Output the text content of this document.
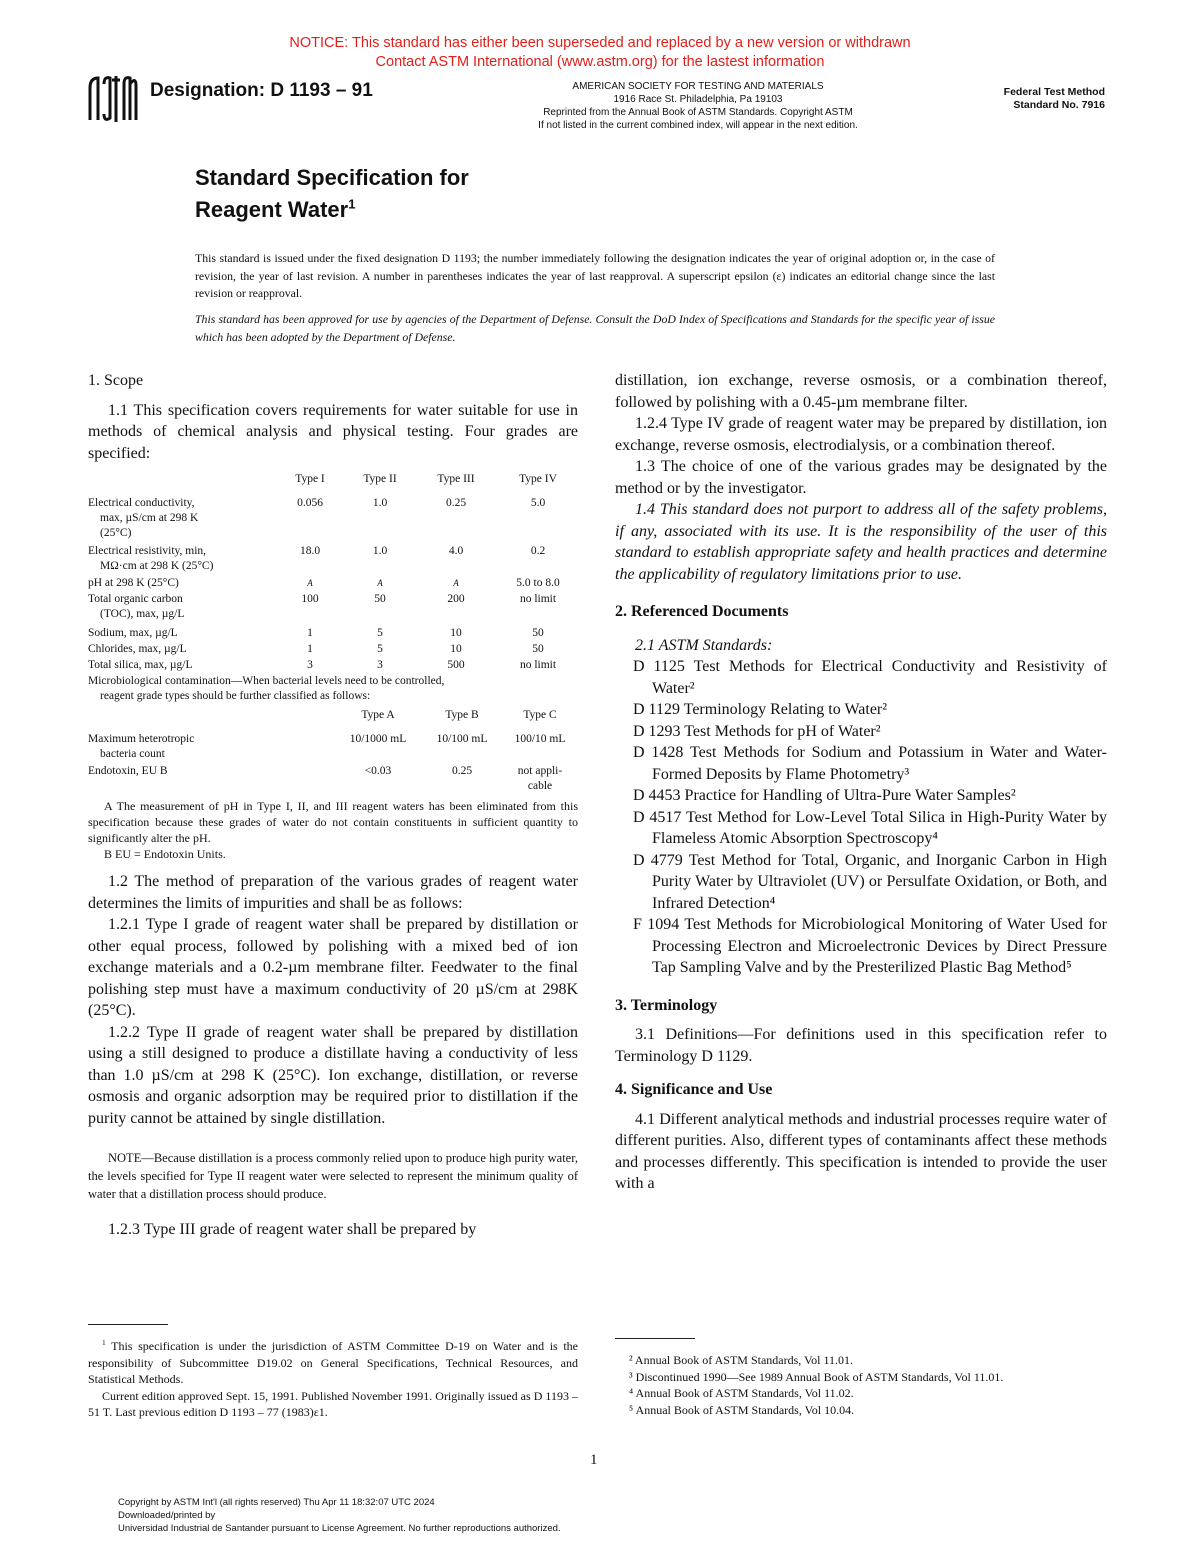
NOTICE: This standard has either been superseded and replaced by a new version or withdrawn
Contact ASTM International (www.astm.org) for the lastest information
Designation: D 1193 – 91	AMERICAN SOCIETY FOR TESTING AND MATERIALS
1916 Race St. Philadelphia, Pa 19103
Reprinted from the Annual Book of ASTM Standards. Copyright ASTM
If not listed in the current combined index, will appear in the next edition.
Federal Test Method
Standard No. 7916
Standard Specification for
Reagent Water$^1$
This standard is issued under the fixed designation D 1193; the number immediately following the designation indicates the year of original adoption or, in the case of revision, the year of last revision. A number in parentheses indicates the year of last reapproval. A superscript epsilon (ε) indicates an editorial change since the last revision or reapproval.
This standard has been approved for use by agencies of the Department of Defense. Consult the DoD Index of Specifications and Standards for the specific year of issue which has been adopted by the Department of Defense.
1. Scope

1.1 This specification covers requirements for water suitable for use in methods of chemical analysis and physical testing. Four grades are specified:

Type I	Type II	Type III	Type IV
Electrical conductivity,
max, µS/cm at 298 K
(25°C)
0.056	1.0	0.25	5.0
Electrical resistivity, min,
MΩ·cm at 298 K (25°C)
18.0	1.0	4.0	0.2
pH at 298 K (25°C)	A	A	A	5.0 to 8.0
Total organic carbon
(TOC), max, µg/L
100	50	200	no limit
Sodium, max, µg/L	1	5	10	50
Chlorides, max, µg/L	1	5	10	50
Total silica, max, µg/L	3	3	500	no limit
Microbiological contamination—When bacterial levels need to be controlled,
reagent grade types should be further classified as follows:
Type A	Type B	Type C
Maximum heterotropic
bacteria count
10/1000 mL	10/100 mL	100/10 mL
Endotoxin, EU B	<0.03	0.25	not appli-
cable
A The measurement of pH in Type I, II, and III reagent waters has been eliminated from this specification because these grades of water do not contain constituents in sufficient quantity to significantly alter the pH.
B EU = Endotoxin Units.

1.2 The method of preparation of the various grades of reagent water determines the limits of impurities and shall be as follows:

1.2.1 Type I grade of reagent water shall be prepared by distillation or other equal process, followed by polishing with a mixed bed of ion exchange materials and a 0.2-µm membrane filter. Feedwater to the final polishing step must have a maximum conductivity of 20 µS/cm at 298K (25°C).

1.2.2 Type II grade of reagent water shall be prepared by distillation using a still designed to produce a distillate having a conductivity of less than 1.0 µS/cm at 298 K (25°C). Ion exchange, distillation, or reverse osmosis and organic adsorption may be required prior to distillation if the purity cannot be attained by single distillation.

NOTE—Because distillation is a process commonly relied upon to produce high purity water, the levels specified for Type II reagent water were selected to represent the minimum quality of water that a distillation process should produce.

1.2.3 Type III grade of reagent water shall be prepared by

$^1$ This specification is under the jurisdiction of ASTM Committee D-19 on Water and is the responsibility of Subcommittee D19.02 on General Specifications, Technical Resources, and Statistical Methods.
Current edition approved Sept. 15, 1991. Published November 1991. Originally issued as D 1193 – 51 T. Last previous edition D 1193 – 77 (1983)ε1.

distillation, ion exchange, reverse osmosis, or a combination thereof, followed by polishing with a 0.45-µm membrane filter.

1.2.4 Type IV grade of reagent water may be prepared by distillation, ion exchange, reverse osmosis, electrodialysis, or a combination thereof.

1.3 The choice of one of the various grades may be designated by the method or by the investigator.

1.4 This standard does not purport to address all of the safety problems, if any, associated with its use. It is the responsibility of the user of this standard to establish appropriate safety and health practices and determine the applicability of regulatory limitations prior to use.

2. Referenced Documents

2.1 ASTM Standards:

D 1125 Test Methods for Electrical Conductivity and Resistivity of Water²

D 1129 Terminology Relating to Water²

D 1293 Test Methods for pH of Water²

D 1428 Test Methods for Sodium and Potassium in Water and Water-Formed Deposits by Flame Photometry³

D 4453 Practice for Handling of Ultra-Pure Water Samples²

D 4517 Test Method for Low-Level Total Silica in High-Purity Water by Flameless Atomic Absorption Spectroscopy⁴

D 4779 Test Method for Total, Organic, and Inorganic Carbon in High Purity Water by Ultraviolet (UV) or Persulfate Oxidation, or Both, and Infrared Detection⁴

F 1094 Test Methods for Microbiological Monitoring of Water Used for Processing Electron and Microelectronic Devices by Direct Pressure Tap Sampling Valve and by the Presterilized Plastic Bag Method⁵

3. Terminology

3.1 Definitions—For definitions used in this specification refer to Terminology D 1129.

4. Significance and Use

4.1 Different analytical methods and industrial processes require water of different purities. Also, different types of contaminants affect these methods and processes differently. This specification is intended to provide the user with a

² Annual Book of ASTM Standards, Vol 11.01.
³ Discontinued 1990—See 1989 Annual Book of ASTM Standards, Vol 11.01.
⁴ Annual Book of ASTM Standards, Vol 11.02.
⁵ Annual Book of ASTM Standards, Vol 10.04.
1
Copyright by ASTM Int'l (all rights reserved) Thu Apr 11 18:32:07 UTC 2024
Downloaded/printed by
Universidad Industrial de Santander pursuant to License Agreement. No further reproductions authorized.
